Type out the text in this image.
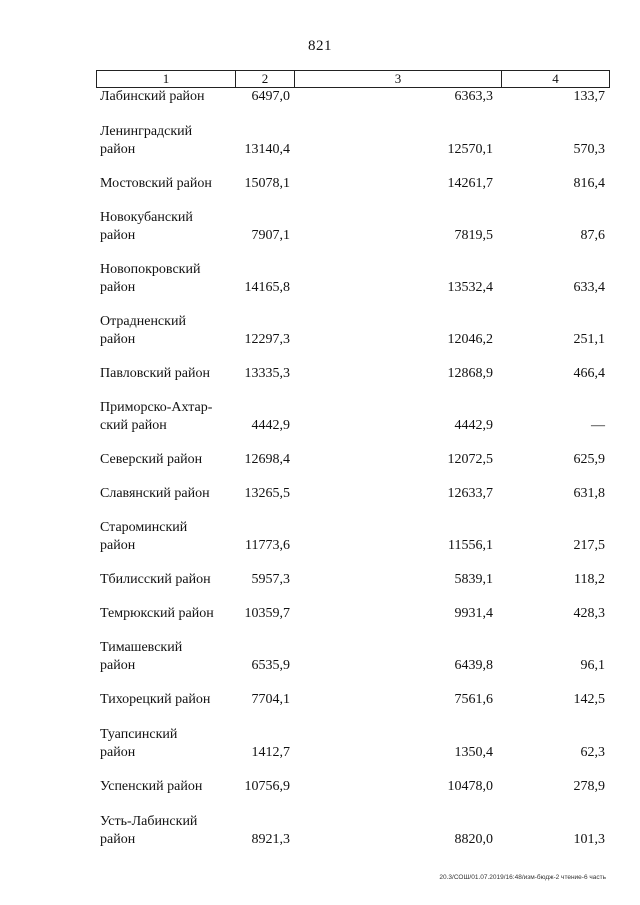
821
1	2	3	4
Лабинский район	6497,0	6363,3	133,7
Ленинградский
район	13140,4	12570,1	570,3
Мостовский район	15078,1	14261,7	816,4
Новокубанский
район	7907,1	7819,5	87,6
Новопокровский
район	14165,8	13532,4	633,4
Отрадненский
район	12297,3	12046,2	251,1
Павловский район	13335,3	12868,9	466,4
Приморско-Ахтар-
ский район	4442,9	4442,9	—
Северский район	12698,4	12072,5	625,9
Славянский район	13265,5	12633,7	631,8
Староминский
район	11773,6	11556,1	217,5
Тбилисский район	5957,3	5839,1	118,2
Темрюкский район	10359,7	9931,4	428,3
Тимашевский
район	6535,9	6439,8	96,1
Тихорецкий район	7704,1	7561,6	142,5
Туапсинский
район	1412,7	1350,4	62,3
Успенский район	10756,9	10478,0	278,9
Усть-Лабинский
район	8921,3	8820,0	101,3
20.3/СОШ/01.07.2019/16:48/изм-бюдж-2 чтение-6 часть
